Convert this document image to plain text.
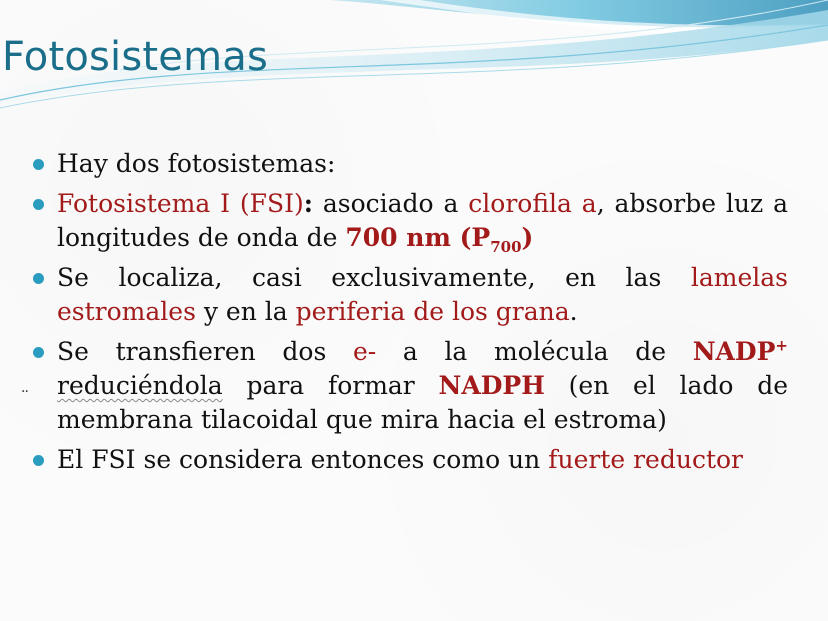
Fotosistemas
Hay dos fotosistemas:
Fotosistema I (FSI): asociado a clorofila a, absorbe luz a longitudes de onda de 700 nm $(P_{700})$
Se localiza, casi exclusivamente, en las lamelas estromales y en la periferia de los grana.
··
Se transfieren dos e- a la molécula de NADP+ reduciéndola para formar NADPH (en el lado de membrana tilacoidal que mira hacia el estroma)
El FSI se considera entonces como un fuerte reductor
